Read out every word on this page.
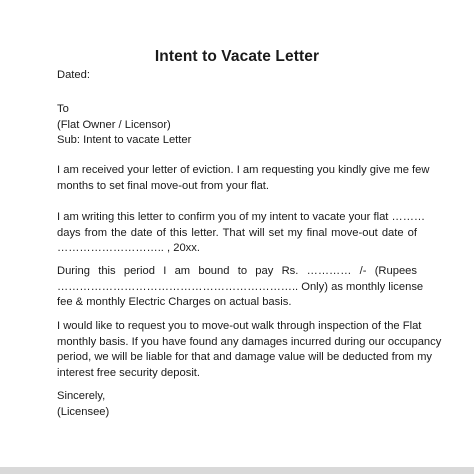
Intent to Vacate Letter
Dated:
To
(Flat Owner / Licensor)
Sub: Intent to vacate Letter
I am received your letter of eviction. I am requesting you kindly give me few
months to set final move-out from your flat.
I am writing this letter to confirm you of my intent to vacate your flat ………
days from the date of this letter. That will set my final move-out date of
……………………….. , 20xx.
During this period I am bound to pay Rs. ………… /- (Rupees
……………………………………………………….. Only) as monthly license
fee & monthly Electric Charges on actual basis.
I would like to request you to move-out walk through inspection of the Flat
monthly basis. If you have found any damages incurred during our occupancy
period, we will be liable for that and damage value will be deducted from my
interest free security deposit.
Sincerely,
(Licensee)
